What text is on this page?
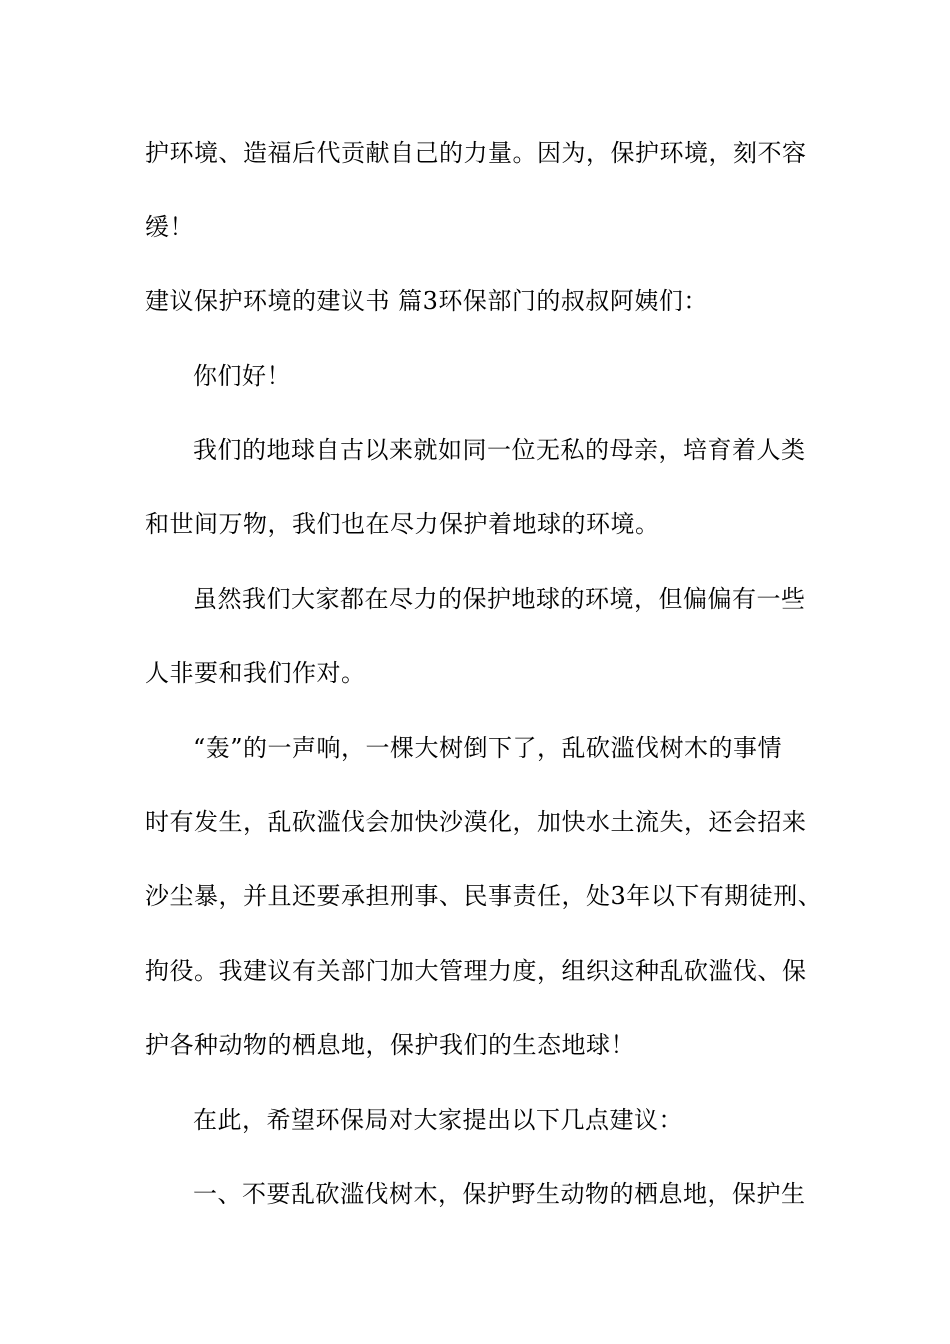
护环境、造福后代贡献自己的力量。因为，保护环境，刻不容
缓！
建议保护环境的建议书 篇3环保部门的叔叔阿姨们：
你们好！
我们的地球自古以来就如同一位无私的母亲，培育着人类
和世间万物，我们也在尽力保护着地球的环境。
虽然我们大家都在尽力的保护地球的环境，但偏偏有一些
人非要和我们作对。
“轰”的一声响，一棵大树倒下了，乱砍滥伐树木的事情
时有发生，乱砍滥伐会加快沙漠化，加快水土流失，还会招来
沙尘暴，并且还要承担刑事、民事责任，处3年以下有期徒刑、
拘役。我建议有关部门加大管理力度，组织这种乱砍滥伐、保
护各种动物的栖息地，保护我们的生态地球！
在此，希望环保局对大家提出以下几点建议：
一、不要乱砍滥伐树木，保护野生动物的栖息地，保护生
